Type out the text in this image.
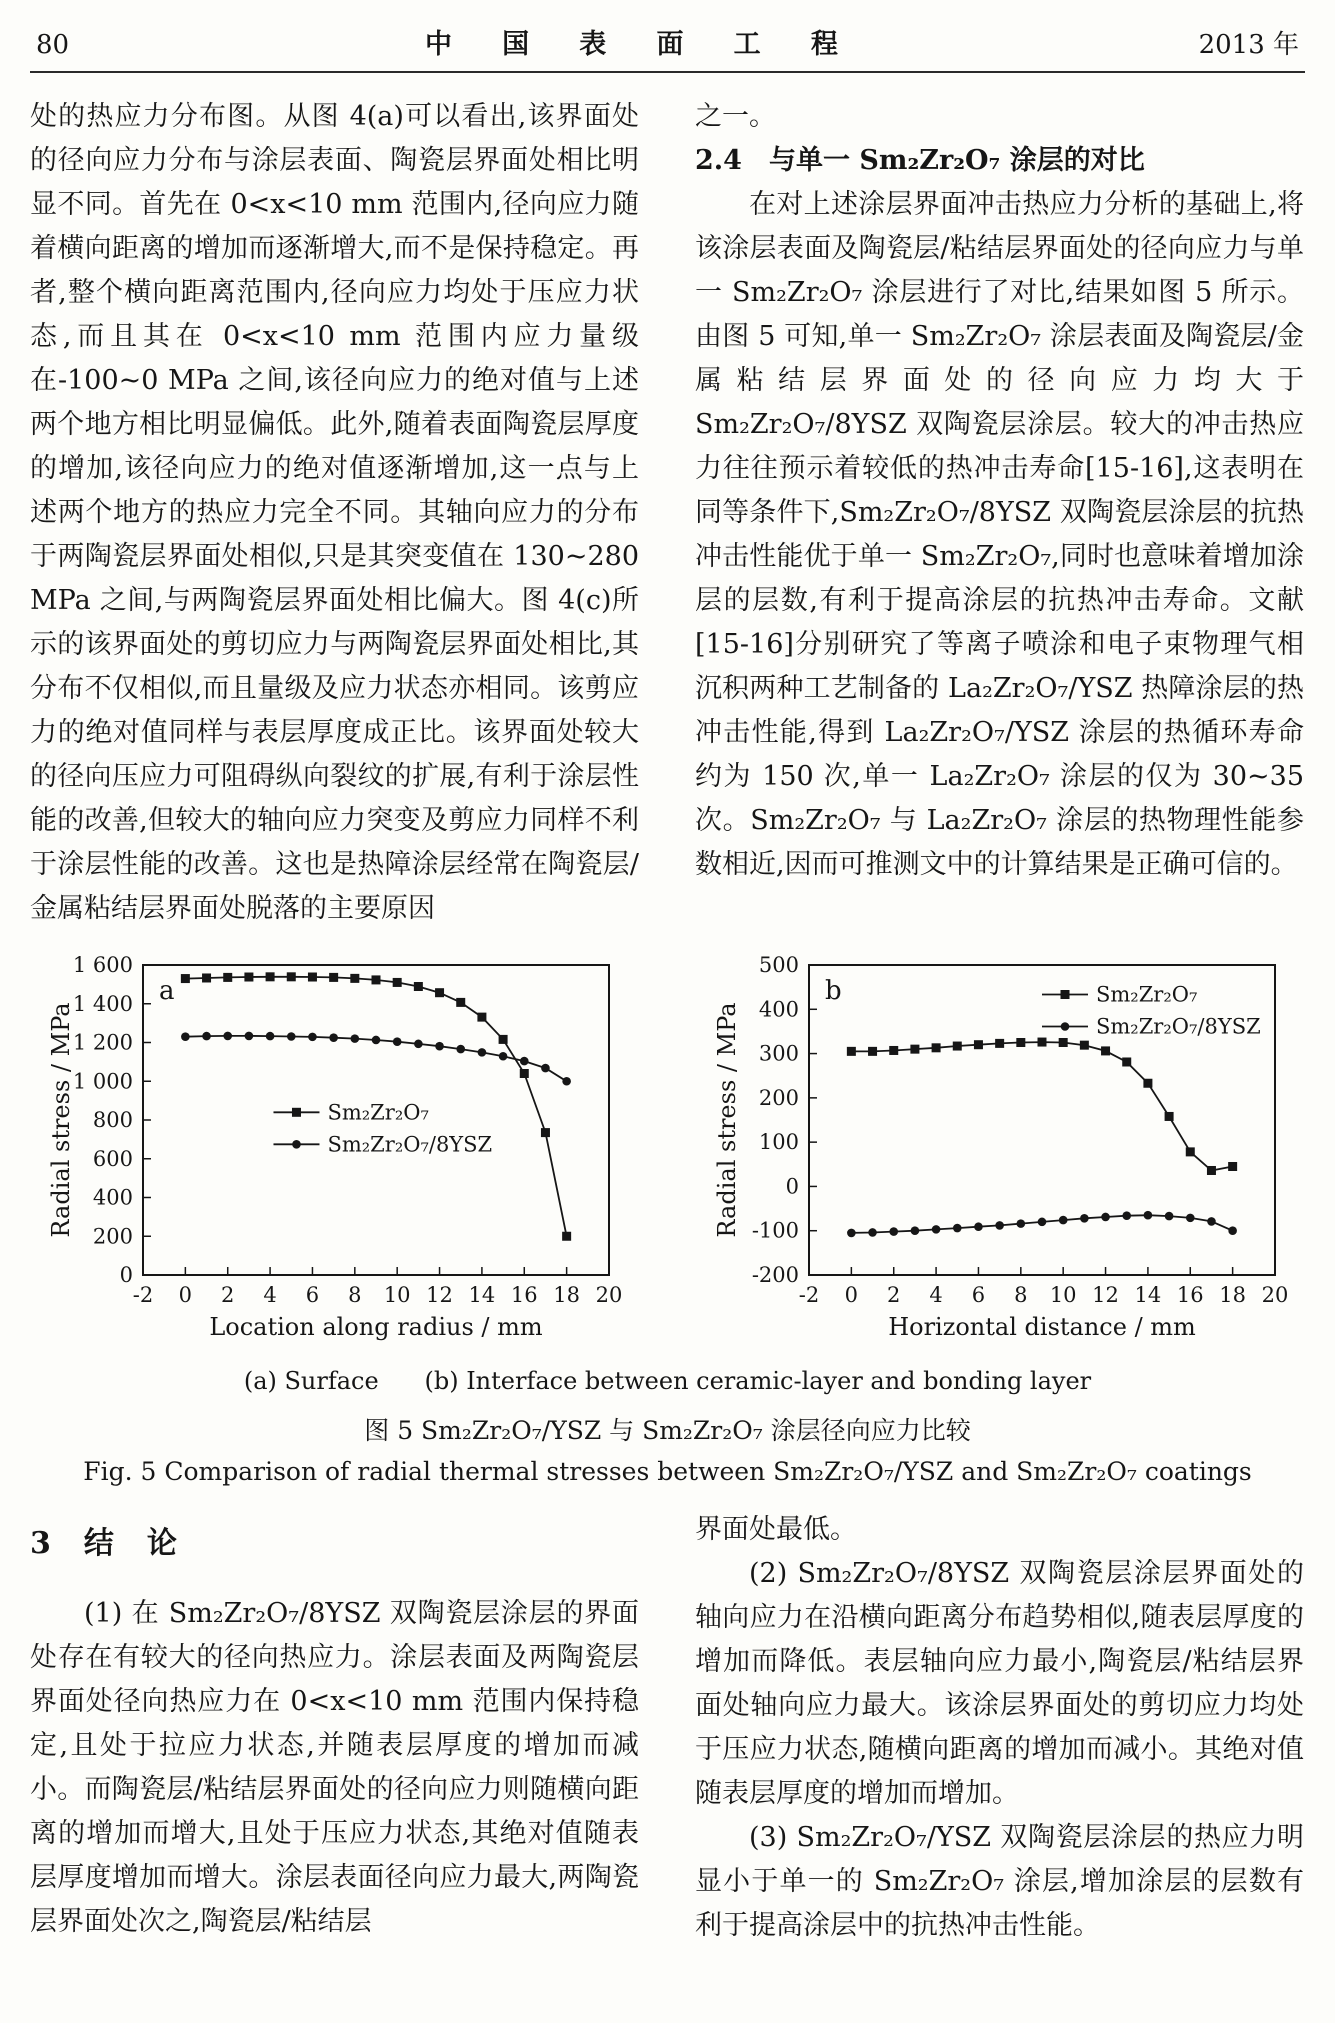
80	中 国 表 面 工 程	2013 年

处的热应力分布图。从图 4(a)可以看出,该界面处的径向应力分布与涂层表面、陶瓷层界面处相比明显不同。首先在 0<x<10 mm 范围内,径向应力随着横向距离的增加而逐渐增大,而不是保持稳定。再者,整个横向距离范围内,径向应力均处于压应力状态,而且其在 0<x<10 mm 范围内应力量级在-100~0 MPa 之间,该径向应力的绝对值与上述两个地方相比明显偏低。此外,随着表面陶瓷层厚度的增加,该径向应力的绝对值逐渐增加,这一点与上述两个地方的热应力完全不同。其轴向应力的分布于两陶瓷层界面处相似,只是其突变值在 130~280 MPa 之间,与两陶瓷层界面处相比偏大。图 4(c)所示的该界面处的剪切应力与两陶瓷层界面处相比,其分布不仅相似,而且量级及应力状态亦相同。该剪应力的绝对值同样与表层厚度成正比。该界面处较大的径向压应力可阻碍纵向裂纹的扩展,有利于涂层性能的改善,但较大的轴向应力突变及剪应力同样不利于涂层性能的改善。这也是热障涂层经常在陶瓷层/金属粘结层界面处脱落的主要原因

之一。

2.4　与单一 Sm₂Zr₂O₇ 涂层的对比

在对上述涂层界面冲击热应力分析的基础上,将该涂层表面及陶瓷层/粘结层界面处的径向应力与单一 Sm₂Zr₂O₇ 涂层进行了对比,结果如图 5 所示。由图 5 可知,单一 Sm₂Zr₂O₇ 涂层表面及陶瓷层/金属粘结层界面处的径向应力均大于 Sm₂Zr₂O₇/8YSZ 双陶瓷层涂层。较大的冲击热应力往往预示着较低的热冲击寿命[15-16],这表明在同等条件下,Sm₂Zr₂O₇/8YSZ 双陶瓷层涂层的抗热冲击性能优于单一 Sm₂Zr₂O₇,同时也意味着增加涂层的层数,有利于提高涂层的抗热冲击寿命。文献[15-16]分别研究了等离子喷涂和电子束物理气相沉积两种工艺制备的 La₂Zr₂O₇/YSZ 热障涂层的热冲击性能,得到 La₂Zr₂O₇/YSZ 涂层的热循环寿命约为 150 次,单一 La₂Zr₂O₇ 涂层的仅为 30~35 次。Sm₂Zr₂O₇ 与 La₂Zr₂O₇ 涂层的热物理性能参数相近,因而可推测文中的计算结果是正确可信的。

-2 0 2 4 6 8 10 12 14 16 18 20
0
200
400
600
800
1 000
1 200
1 400
1 600
a
Sm₂Zr₂O₇
Sm₂Zr₂O₇/8YSZ
Location along radius / mm
Radial stress / MPa
-2 0 2 4 6 8 10 12 14 16 18 20
-200
-100
0
100
200
300
400
500
b	Sm₂Zr₂O₇
Sm₂Zr₂O₇/8YSZ
Horizontal distance / mm
Radial stress / MPa
(a) Surface      (b) Interface between ceramic-layer and bonding layer
图 5 Sm₂Zr₂O₇/YSZ 与 Sm₂Zr₂O₇ 涂层径向应力比较
Fig. 5 Comparison of radial thermal stresses between Sm₂Zr₂O₇/YSZ and Sm₂Zr₂O₇ coatings
3　结　论

(1) 在 Sm₂Zr₂O₇/8YSZ 双陶瓷层涂层的界面处存在有较大的径向热应力。涂层表面及两陶瓷层界面处径向热应力在 0<x<10 mm 范围内保持稳定,且处于拉应力状态,并随表层厚度的增加而减小。而陶瓷层/粘结层界面处的径向应力则随横向距离的增加而增大,且处于压应力状态,其绝对值随表层厚度增加而增大。涂层表面径向应力最大,两陶瓷层界面处次之,陶瓷层/粘结层

界面处最低。

(2) Sm₂Zr₂O₇/8YSZ 双陶瓷层涂层界面处的轴向应力在沿横向距离分布趋势相似,随表层厚度的增加而降低。表层轴向应力最小,陶瓷层/粘结层界面处轴向应力最大。该涂层界面处的剪切应力均处于压应力状态,随横向距离的增加而减小。其绝对值随表层厚度的增加而增加。

(3) Sm₂Zr₂O₇/YSZ 双陶瓷层涂层的热应力明显小于单一的 Sm₂Zr₂O₇ 涂层,增加涂层的层数有利于提高涂层中的抗热冲击性能。
